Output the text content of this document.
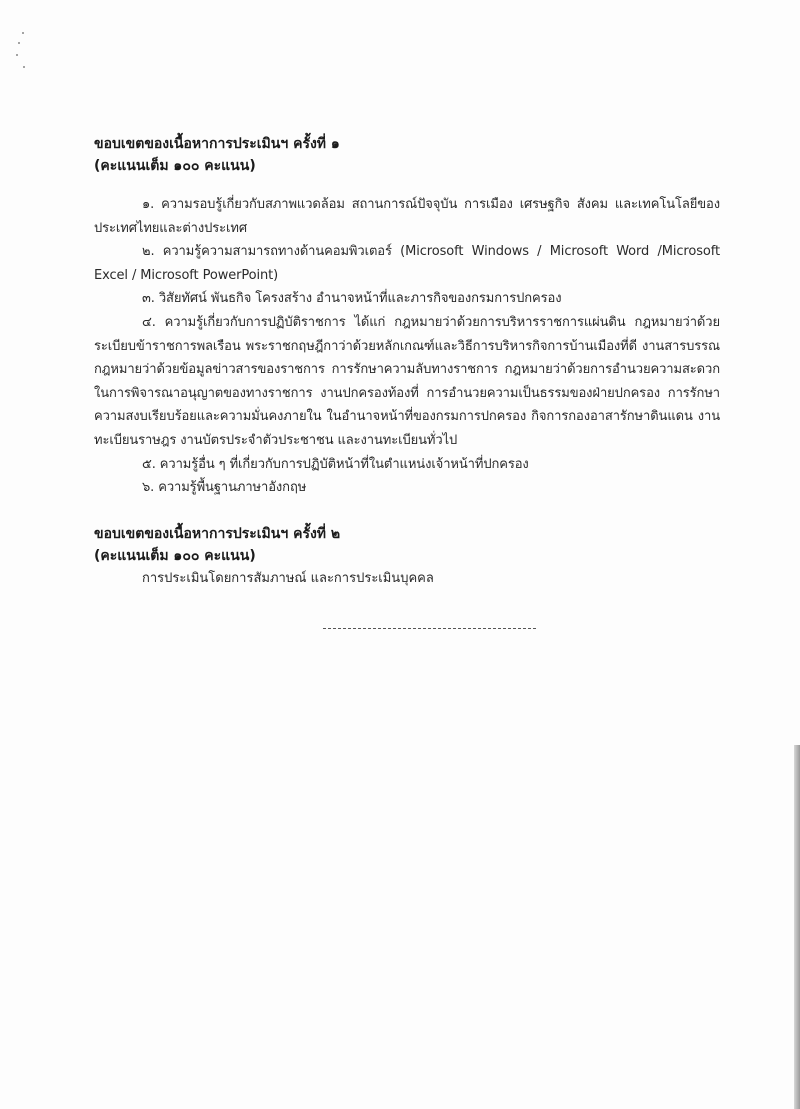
ขอบเขตของเนื้อหาการประเมินฯ ครั้งที่ ๑

(คะแนนเต็ม ๑๐๐ คะแนน)

๑. ความรอบรู้เกี่ยวกับสภาพแวดล้อม สถานการณ์ปัจจุบัน การเมือง เศรษฐกิจ สังคม และเทคโนโลยีของประเทศไทยและต่างประเทศ

๒. ความรู้ความสามารถทางด้านคอมพิวเตอร์ (Microsoft Windows / Microsoft Word /Microsoft Excel / Microsoft PowerPoint)

๓. วิสัยทัศน์ พันธกิจ โครงสร้าง อำนาจหน้าที่และภารกิจของกรมการปกครอง

๔. ความรู้เกี่ยวกับการปฏิบัติราชการ ได้แก่ กฎหมายว่าด้วยการบริหารราชการแผ่นดิน กฎหมายว่าด้วยระเบียบข้าราชการพลเรือน พระราชกฤษฎีกาว่าด้วยหลักเกณฑ์และวิธีการบริหารกิจการบ้านเมืองที่ดี งานสารบรรณ กฎหมายว่าด้วยข้อมูลข่าวสารของราชการ การรักษาความลับทางราชการ กฎหมายว่าด้วยการอำนวยความสะดวกในการพิจารณาอนุญาตของทางราชการ งานปกครองท้องที่ การอำนวยความเป็นธรรมของฝ่ายปกครอง การรักษาความสงบเรียบร้อยและความมั่นคงภายใน ในอำนาจหน้าที่ของกรมการปกครอง กิจการกองอาสารักษาดินแดน งานทะเบียนราษฎร งานบัตรประจำตัวประชาชน และงานทะเบียนทั่วไป

๕. ความรู้อื่น ๆ ที่เกี่ยวกับการปฏิบัติหน้าที่ในตำแหน่งเจ้าหน้าที่ปกครอง

๖. ความรู้พื้นฐานภาษาอังกฤษ

ขอบเขตของเนื้อหาการประเมินฯ ครั้งที่ ๒

(คะแนนเต็ม ๑๐๐ คะแนน)

การประเมินโดยการสัมภาษณ์ และการประเมินบุคคล
